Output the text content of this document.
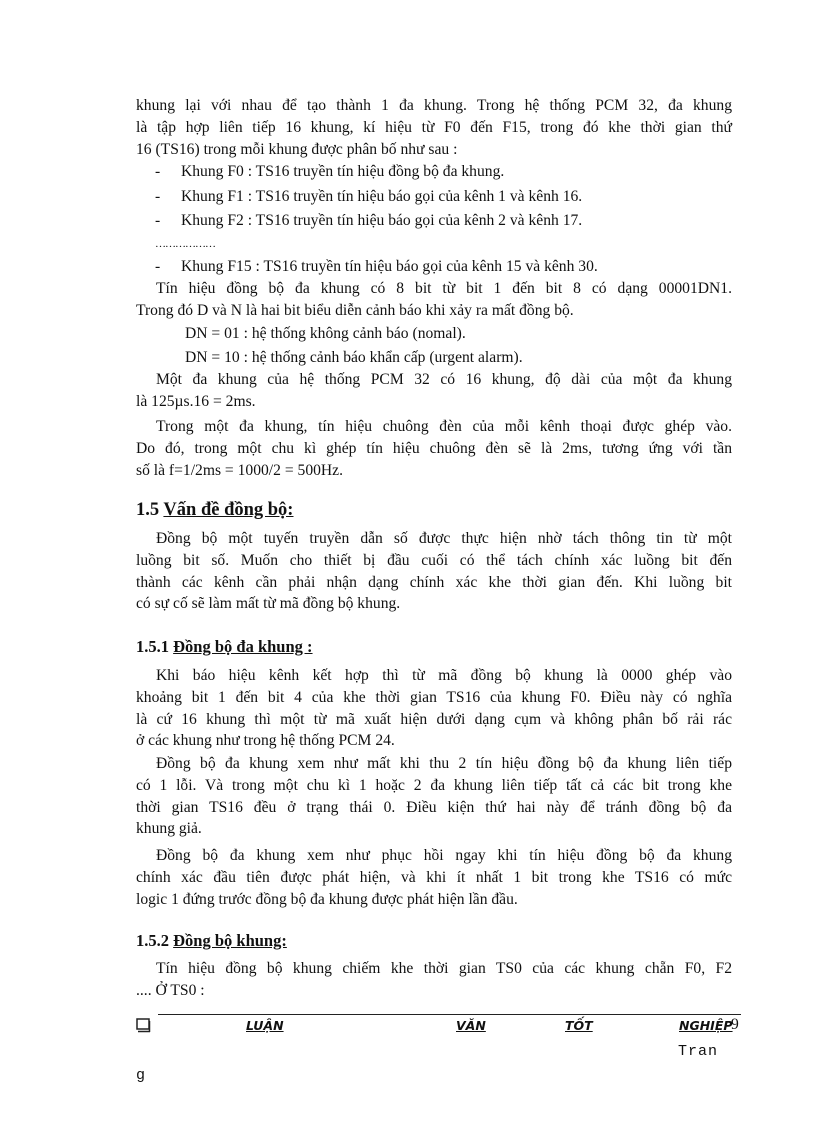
khung lại với nhau để tạo thành 1 đa khung. Trong hệ thống PCM 32, đa khung
là tập hợp liên tiếp 16 khung, kí hiệu từ F0 đến F15, trong đó khe thời gian thứ
16 (TS16) trong mỗi khung được phân bố như sau :
- Khung F0 : TS16 truyền tín hiệu đồng bộ đa khung.
- Khung F1 : TS16 truyền tín hiệu báo gọi của kênh 1 và kênh 16.
- Khung F2 : TS16 truyền tín hiệu báo gọi của kênh 2 và kênh 17.
………………
- Khung F15 : TS16 truyền tín hiệu báo gọi của kênh 15 và kênh 30.
Tín hiệu đồng bộ đa khung có 8 bit từ bit 1 đến bit 8 có dạng 00001DN1.
Trong đó D và N là hai bit biểu diễn cảnh báo khi xảy ra mất đồng bộ.
DN = 01 : hệ thống không cảnh báo (nomal).
DN = 10 : hệ thống cảnh báo khẩn cấp (urgent alarm).
Một đa khung của hệ thống PCM 32 có 16 khung, độ dài của một đa khung
là 125µs.16 = 2ms.
Trong một đa khung, tín hiệu chuông đèn của mỗi kênh thoại được ghép vào.
Do đó, trong một chu kì ghép tín hiệu chuông đèn sẽ là 2ms, tương ứng với tần
số là f=1/2ms = 1000/2 = 500Hz.
1.5 Vấn đề đồng bộ:
Đồng bộ một tuyến truyền dẫn số được thực hiện nhờ tách thông tin từ một
luồng bit số. Muốn cho thiết bị đầu cuối có thể tách chính xác luồng bit đến
thành các kênh cần phải nhận dạng chính xác khe thời gian đến. Khi luồng bit
có sự cố sẽ làm mất từ mã đồng bộ khung.
1.5.1 Đồng bộ đa khung :
Khi báo hiệu kênh kết hợp thì từ mã đồng bộ khung là 0000 ghép vào
khoảng bit 1 đến bit 4 của khe thời gian TS16 của khung F0. Điều này có nghĩa
là cứ 16 khung thì một từ mã xuất hiện dưới dạng cụm và không phân bố rải rác
ở các khung như trong hệ thống PCM 24.
Đồng bộ đa khung xem như mất khi thu 2 tín hiệu đồng bộ đa khung liên tiếp
có 1 lỗi. Và trong một chu kì 1 hoặc 2 đa khung liên tiếp tất cả các bit trong khe
thời gian TS16 đều ở trạng thái 0. Điều kiện thứ hai này để tránh đồng bộ đa
khung giả.
Đồng bộ đa khung xem như phục hồi ngay khi tín hiệu đồng bộ đa khung
chính xác đầu tiên được phát hiện, và khi ít nhất 1 bit trong khe TS16 có mức
logic 1 đứng trước đồng bộ đa khung được phát hiện lần đầu.
1.5.2 Đồng bộ khung:
Tín hiệu đồng bộ khung chiếm khe thời gian TS0 của các khung chẵn F0, F2
.... Ở TS0 :
LUẬN	VĂN	TỐT	NGHIỆP
9
Tran
g
